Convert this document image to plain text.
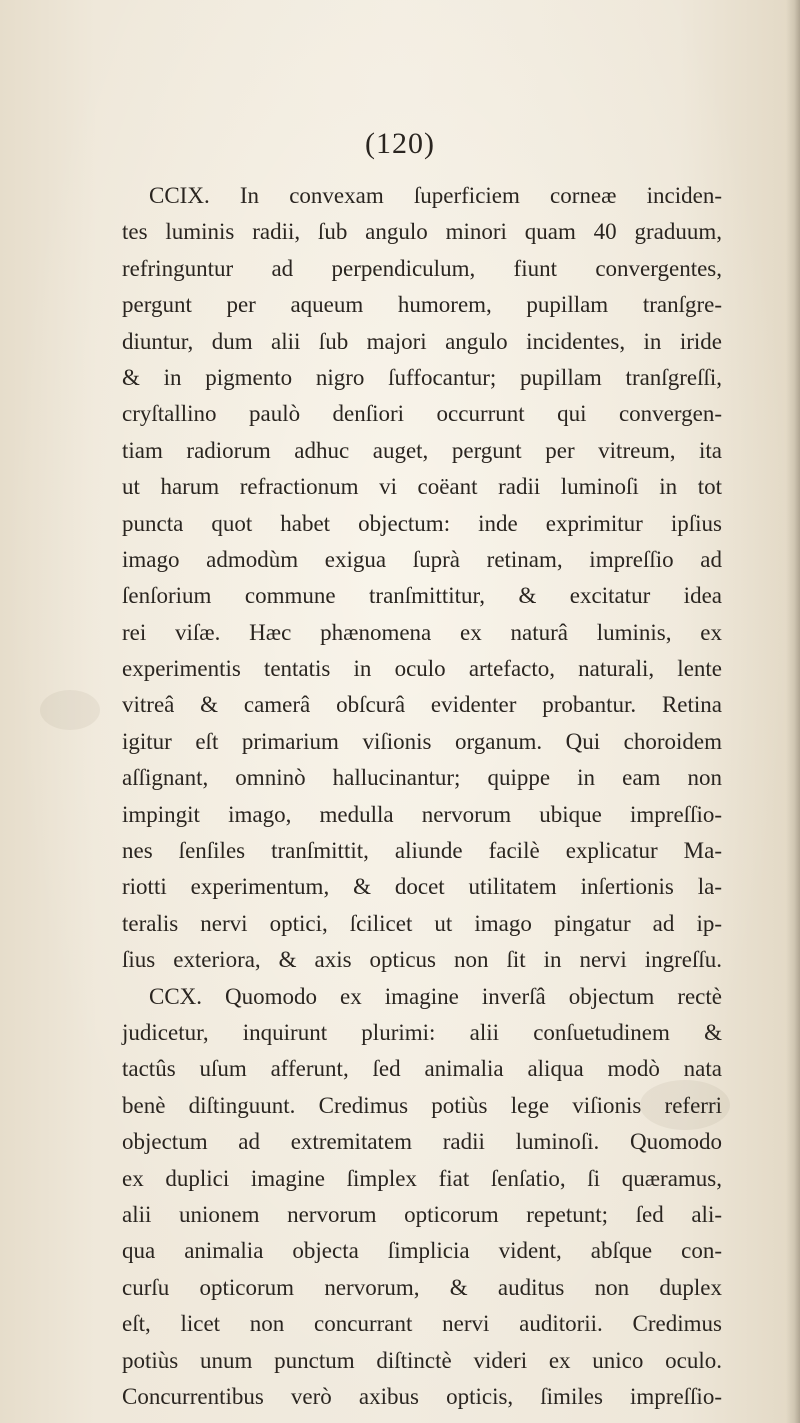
(120)
CCIX. In convexam ſuperficiem corneæ inciden-
tes luminis radii, ſub angulo minori quam 40 graduum,
refringuntur ad perpendiculum, fiunt convergentes,
pergunt per aqueum humorem, pupillam tranſgre-
diuntur, dum alii ſub majori angulo incidentes, in iride
& in pigmento nigro ſuffocantur; pupillam tranſgreſſi,
cryſtallino paulò denſiori occurrunt qui convergen-
tiam radiorum adhuc auget, pergunt per vitreum, ita
ut harum refractionum vi coëant radii luminoſi in tot
puncta quot habet objectum: inde exprimitur ipſius
imago admodùm exigua ſuprà retinam, impreſſio ad
ſenſorium commune tranſmittitur, & excitatur idea
rei viſæ. Hæc phænomena ex naturâ luminis, ex
experimentis tentatis in oculo artefacto, naturali, lente
vitreâ & camerâ obſcurâ evidenter probantur. Retina
igitur eſt primarium viſionis organum. Qui choroidem
aſſignant, omninò hallucinantur; quippe in eam non
impingit imago, medulla nervorum ubique impreſſio-
nes ſenſiles tranſmittit, aliunde facilè explicatur Ma-
riotti experimentum, & docet utilitatem inſertionis la-
teralis nervi optici, ſcilicet ut imago pingatur ad ip-
ſius exteriora, & axis opticus non ſit in nervi ingreſſu.
CCX. Quomodo ex imagine inverſâ objectum rectè
judicetur, inquirunt plurimi: alii conſuetudinem &
tactûs uſum afferunt, ſed animalia aliqua modò nata
benè diſtinguunt. Credimus potiùs lege viſionis referri
objectum ad extremitatem radii luminoſi. Quomodo
ex duplici imagine ſimplex fiat ſenſatio, ſi quæramus,
alii unionem nervorum opticorum repetunt; ſed ali-
qua animalia objecta ſimplicia vident, abſque con-
curſu opticorum nervorum, & auditus non duplex
eſt, licet non concurrant nervi auditorii. Credimus
potiùs unum punctum diſtinctè videri ex unico oculo.
Concurrentibus verò axibus opticis, ſimiles impreſſio-
